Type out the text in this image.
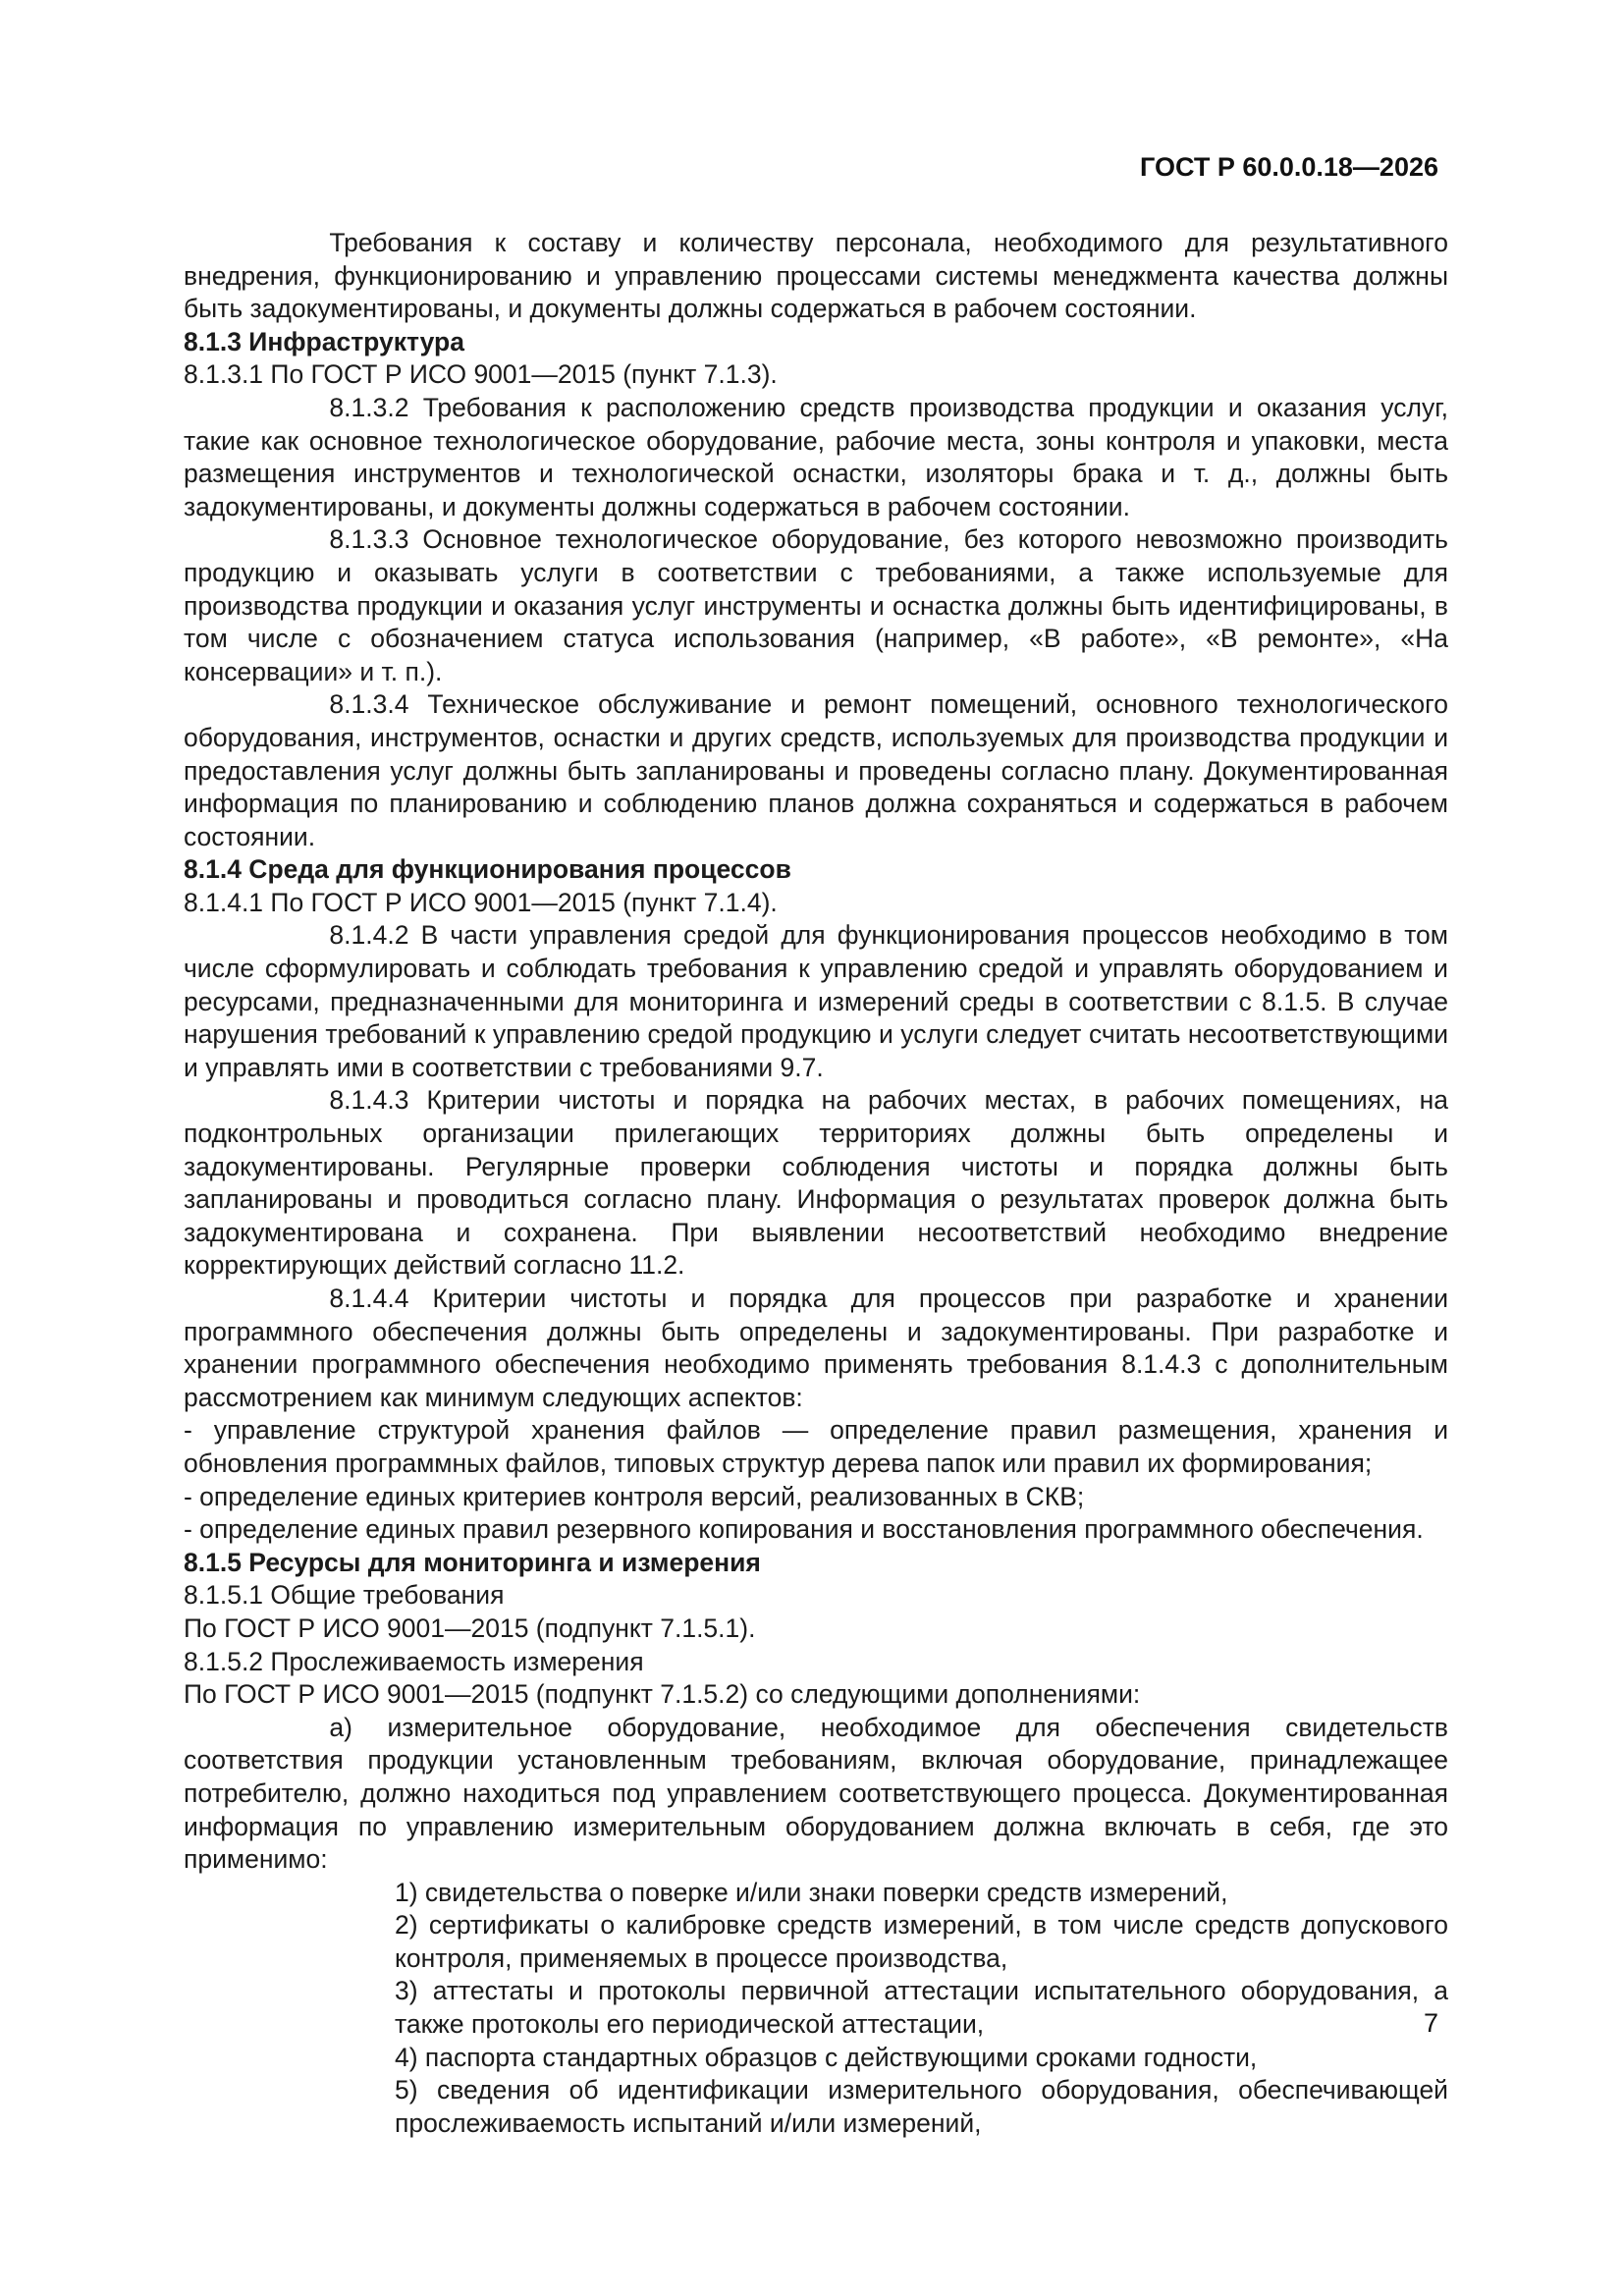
ГОСТ Р 60.0.0.18—2026

Требования к составу и количеству персонала, необходимого для результативного внедрения, функционированию и управлению процессами системы менеджмента качества должны быть задокументированы, и документы должны содержаться в рабочем состоянии.

8.1.3 Инфраструктура

8.1.3.1 По ГОСТ Р ИСО 9001—2015 (пункт 7.1.3).

8.1.3.2 Требования к расположению средств производства продукции и оказания услуг, такие как основное технологическое оборудование, рабочие места, зоны контроля и упаковки, места размещения инструментов и технологической оснастки, изоляторы брака и т. д., должны быть задокументированы, и документы должны содержаться в рабочем состоянии.

8.1.3.3 Основное технологическое оборудование, без которого невозможно производить продукцию и оказывать услуги в соответствии с требованиями, а также используемые для производства продукции и оказания услуг инструменты и оснастка должны быть идентифицированы, в том числе с обозначением статуса использования (например, «В работе», «В ремонте», «На консервации» и т. п.).

8.1.3.4 Техническое обслуживание и ремонт помещений, основного технологического оборудования, инструментов, оснастки и других средств, используемых для производства продукции и предоставления услуг должны быть запланированы и проведены согласно плану. Документированная информация по планированию и соблюдению планов должна сохраняться и содержаться в рабочем состоянии.

8.1.4 Среда для функционирования процессов

8.1.4.1 По ГОСТ Р ИСО 9001—2015 (пункт 7.1.4).

8.1.4.2 В части управления средой для функционирования процессов необходимо в том числе сформулировать и соблюдать требования к управлению средой и управлять оборудованием и ресурсами, предназначенными для мониторинга и измерений среды в соответствии с 8.1.5. В случае нарушения требований к управлению средой продукцию и услуги следует считать несоответствующими и управлять ими в соответствии с требованиями 9.7.

8.1.4.3 Критерии чистоты и порядка на рабочих местах, в рабочих помещениях, на подконтрольных организации прилегающих территориях должны быть определены и задокументированы. Регулярные проверки соблюдения чистоты и порядка должны быть запланированы и проводиться согласно плану. Информация о результатах проверок должна быть задокументирована и сохранена. При выявлении несоответствий необходимо внедрение корректирующих действий согласно 11.2.

8.1.4.4 Критерии чистоты и порядка для процессов при разработке и хранении программного обеспечения должны быть определены и задокументированы. При разработке и хранении программного обеспечения необходимо применять требования 8.1.4.3 с дополнительным рассмотрением как минимум следующих аспектов:

- управление структурой хранения файлов — определение правил размещения, хранения и обновления программных файлов, типовых структур дерева папок или правил их формирования;

- определение единых критериев контроля версий, реализованных в СКВ;

- определение единых правил резервного копирования и восстановления программного обеспечения.

8.1.5 Ресурсы для мониторинга и измерения

8.1.5.1 Общие требования

По ГОСТ Р ИСО 9001—2015 (подпункт 7.1.5.1).

8.1.5.2 Прослеживаемость измерения

По ГОСТ Р ИСО 9001—2015 (подпункт 7.1.5.2) со следующими дополнениями:

а) измерительное оборудование, необходимое для обеспечения свидетельств соответствия продукции установленным требованиям, включая оборудование, принадлежащее потребителю, должно находиться под управлением соответствующего процесса. Документированная информация по управлению измерительным оборудованием должна включать в себя, где это применимо:

1) свидетельства о поверке и/или знаки поверки средств измерений,

2) сертификаты о калибровке средств измерений, в том числе средств допускового контроля, применяемых в процессе производства,

3) аттестаты и протоколы первичной аттестации испытательного оборудования, а также протоколы его периодической аттестации,

4) паспорта стандартных образцов с действующими сроками годности,

5) сведения об идентификации измерительного оборудования, обеспечивающей прослеживаемость испытаний и/или измерений,

7
